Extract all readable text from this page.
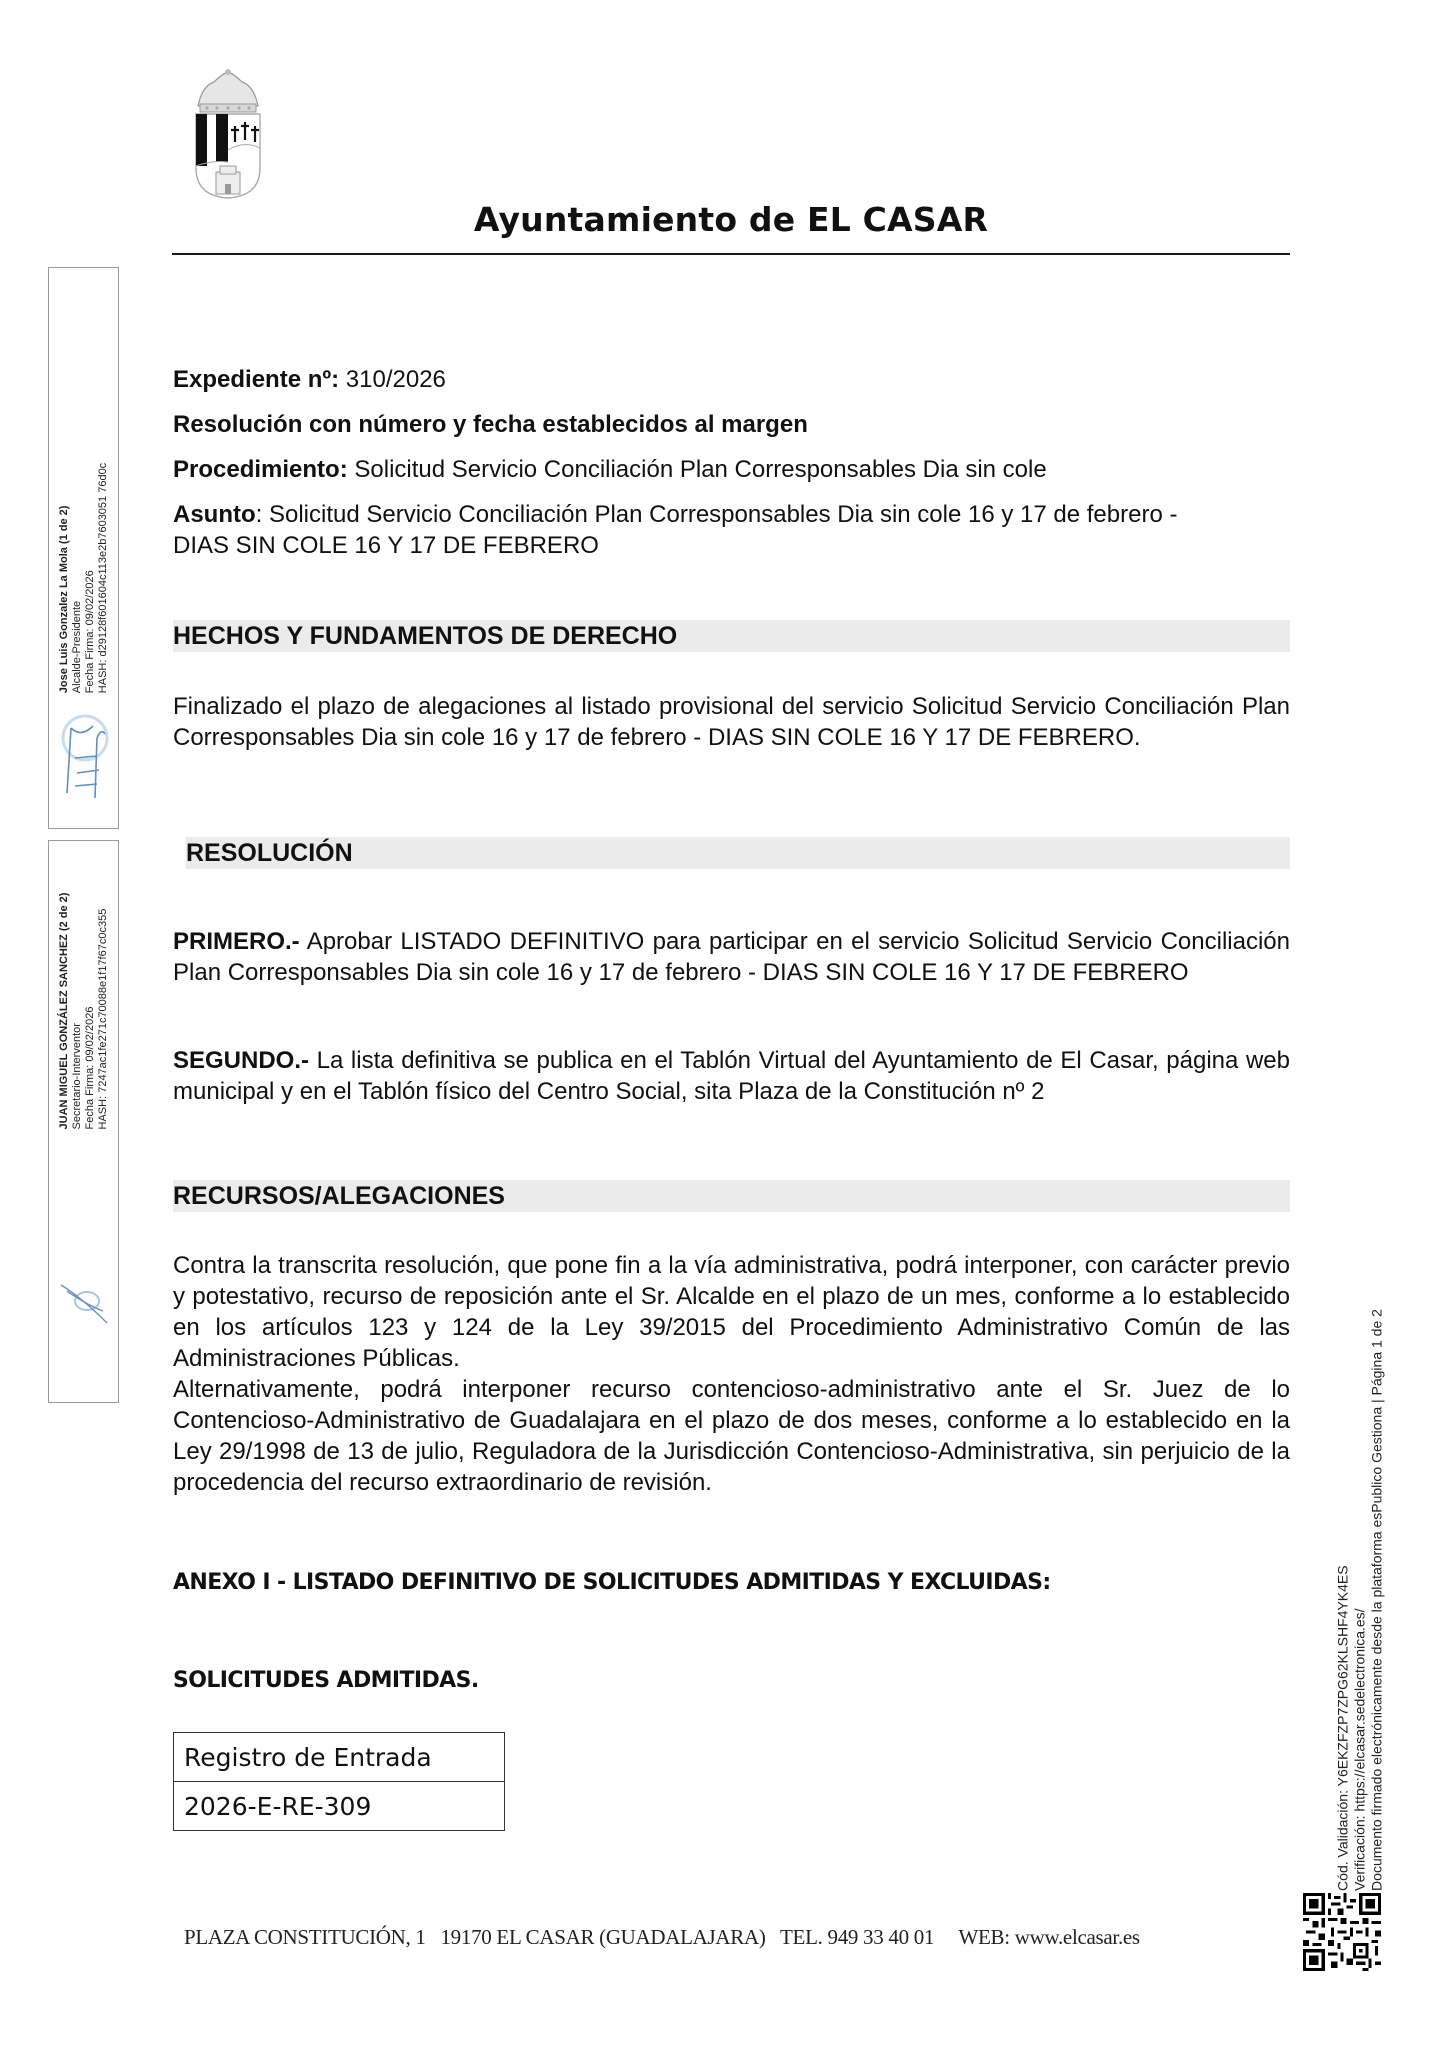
Ayuntamiento de EL CASAR
Jose Luis Gonzalez La Mola (1 de 2) Alcalde-Presidente Fecha Firma: 09/02/2026 HASH: d29128f601604c113e2b7603051 76d0c
JUAN MIGUEL GONZÁLEZ SANCHEZ (2 de 2) Secretario-Interventor Fecha Firma: 09/02/2026 HASH: 7247ac1fe271c70088e1f17f67c0c355
Expediente nº: 310/2026
Resolución con número y fecha establecidos al margen
Procedimiento: Solicitud Servicio Conciliación Plan Corresponsables Dia sin cole
Asunto: Solicitud Servicio Conciliación Plan Corresponsables Dia sin cole 16 y 17 de febrero - DIAS SIN COLE 16 Y 17 DE FEBRERO
HECHOS Y FUNDAMENTOS DE DERECHO
Finalizado el plazo de alegaciones al listado provisional del servicio Solicitud Servicio Conciliación Plan Corresponsables Dia sin cole 16 y 17 de febrero - DIAS SIN COLE 16 Y 17 DE FEBRERO.
RESOLUCIÓN
PRIMERO.- Aprobar LISTADO DEFINITIVO para participar en el servicio Solicitud Servicio Conciliación Plan Corresponsables Dia sin cole 16 y 17 de febrero - DIAS SIN COLE 16 Y 17 DE FEBRERO
SEGUNDO.- La lista definitiva se publica en el Tablón Virtual del Ayuntamiento de El Casar, página web municipal y en el Tablón físico del Centro Social, sita Plaza de la Constitución nº 2
RECURSOS/ALEGACIONES
Contra la transcrita resolución, que pone fin a la vía administrativa, podrá interponer, con carácter previo y potestativo, recurso de reposición ante el Sr. Alcalde en el plazo de un mes, conforme a lo establecido en los artículos 123 y 124 de la Ley 39/2015 del Procedimiento Administrativo Común de las Administraciones Públicas.
Alternativamente, podrá interponer recurso contencioso-administrativo ante el Sr. Juez de lo Contencioso-Administrativo de Guadalajara en el plazo de dos meses, conforme a lo establecido en la Ley 29/1998 de 13 de julio, Reguladora de la Jurisdicción Contencioso-Administrativa, sin perjuicio de la procedencia del recurso extraordinario de revisión.
ANEXO I - LISTADO DEFINITIVO DE SOLICITUDES ADMITIDAS Y EXCLUIDAS:
SOLICITUDES ADMITIDAS.
Registro de Entrada
2026-E-RE-309
PLAZA CONSTITUCIÓN, 1   19170 EL CASAR (GUADALAJARA)   TEL. 949 33 40 01     WEB: www.elcasar.es
Cód. Validación: Y6EKZFZP7ZPG62KLSHF4YK4ES Verificación: https://elcasar.sedelectronica.es/ Documento firmado electrónicamente desde la plataforma esPublico Gestiona | Página 1 de 2
